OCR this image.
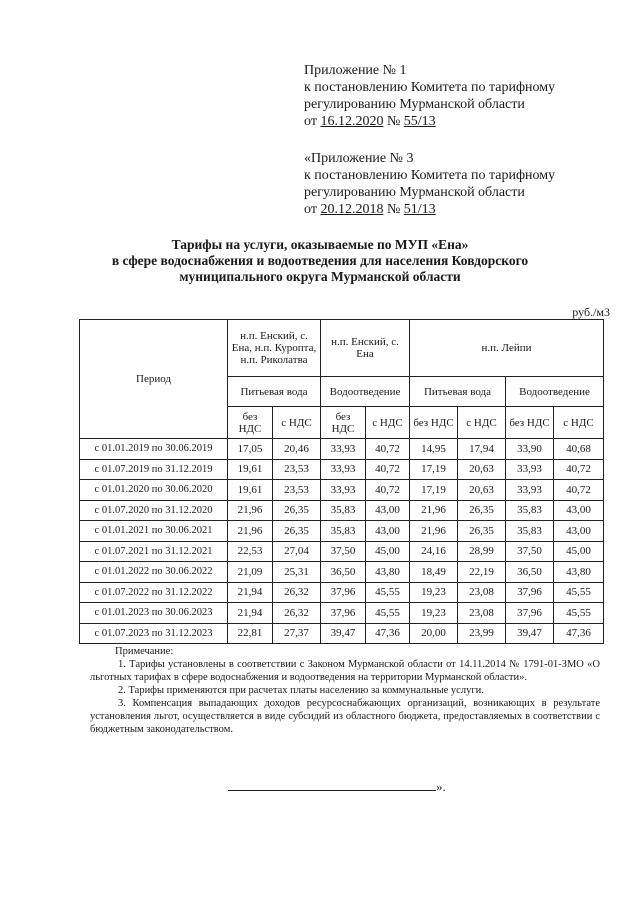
Приложение № 1
к постановлению Комитета по тарифному
регулированию Мурманской области
от 16.12.2020 № 55/13
«Приложение № 3
к постановлению Комитета по тарифному
регулированию Мурманской области
от 20.12.2018 № 51/13
Тарифы на услуги, оказываемые по МУП «Ена»
в сфере водоснабжения и водоотведения для населения Ковдорского
муниципального округа Мурманской области
руб./м3
Период	н.п. Енский, с. Ена, н.п. Куропта, н.п. Риколатва		н.п. Енский, с. Ена		н.п. Лейпи			
	Питьевая вода		Водоотведение		Питьевая вода		Водоотведение	
	без НДС	с НДС	без НДС	с НДС	без НДС	с НДС	без НДС	с НДС
с 01.01.2019 по 30.06.2019	17,05	20,46	33,93	40,72	14,95	17,94	33,90	40,68
с 01.07.2019 по 31.12.2019	19,61	23,53	33,93	40,72	17,19	20,63	33,93	40,72
с 01.01.2020 по 30.06.2020	19,61	23,53	33,93	40,72	17,19	20,63	33,93	40,72
с 01.07.2020 по 31.12.2020	21,96	26,35	35,83	43,00	21,96	26,35	35,83	43,00
с 01.01.2021 по 30.06.2021	21,96	26,35	35,83	43,00	21,96	26,35	35,83	43,00
с 01.07.2021 по 31.12.2021	22,53	27,04	37,50	45,00	24,16	28,99	37,50	45,00
с 01.01.2022 по 30.06.2022	21,09	25,31	36,50	43,80	18,49	22,19	36,50	43,80
с 01.07.2022 по 31.12.2022	21,94	26,32	37,96	45,55	19,23	23,08	37,96	45,55
с 01.01.2023 по 30.06.2023	21,94	26,32	37,96	45,55	19,23	23,08	37,96	45,55
с 01.07.2023 по 31.12.2023	22,81	27,37	39,47	47,36	20,00	23,99	39,47	47,36
Примечание:
1. Тарифы установлены в соответствии с Законом Мурманской области от 14.11.2014 № 1791-01-ЗМО «О льготных тарифах в сфере водоснабжения и водоотведения на территории Мурманской области».
2. Тарифы применяются при расчетах платы населению за коммунальные услуги.
3. Компенсация выпадающих доходов ресурсоснабжающих организаций, возникающих в результате установления льгот, осуществляется в виде субсидий из областного бюджета, предоставляемых в соответствии с бюджетным законодательством.
».
